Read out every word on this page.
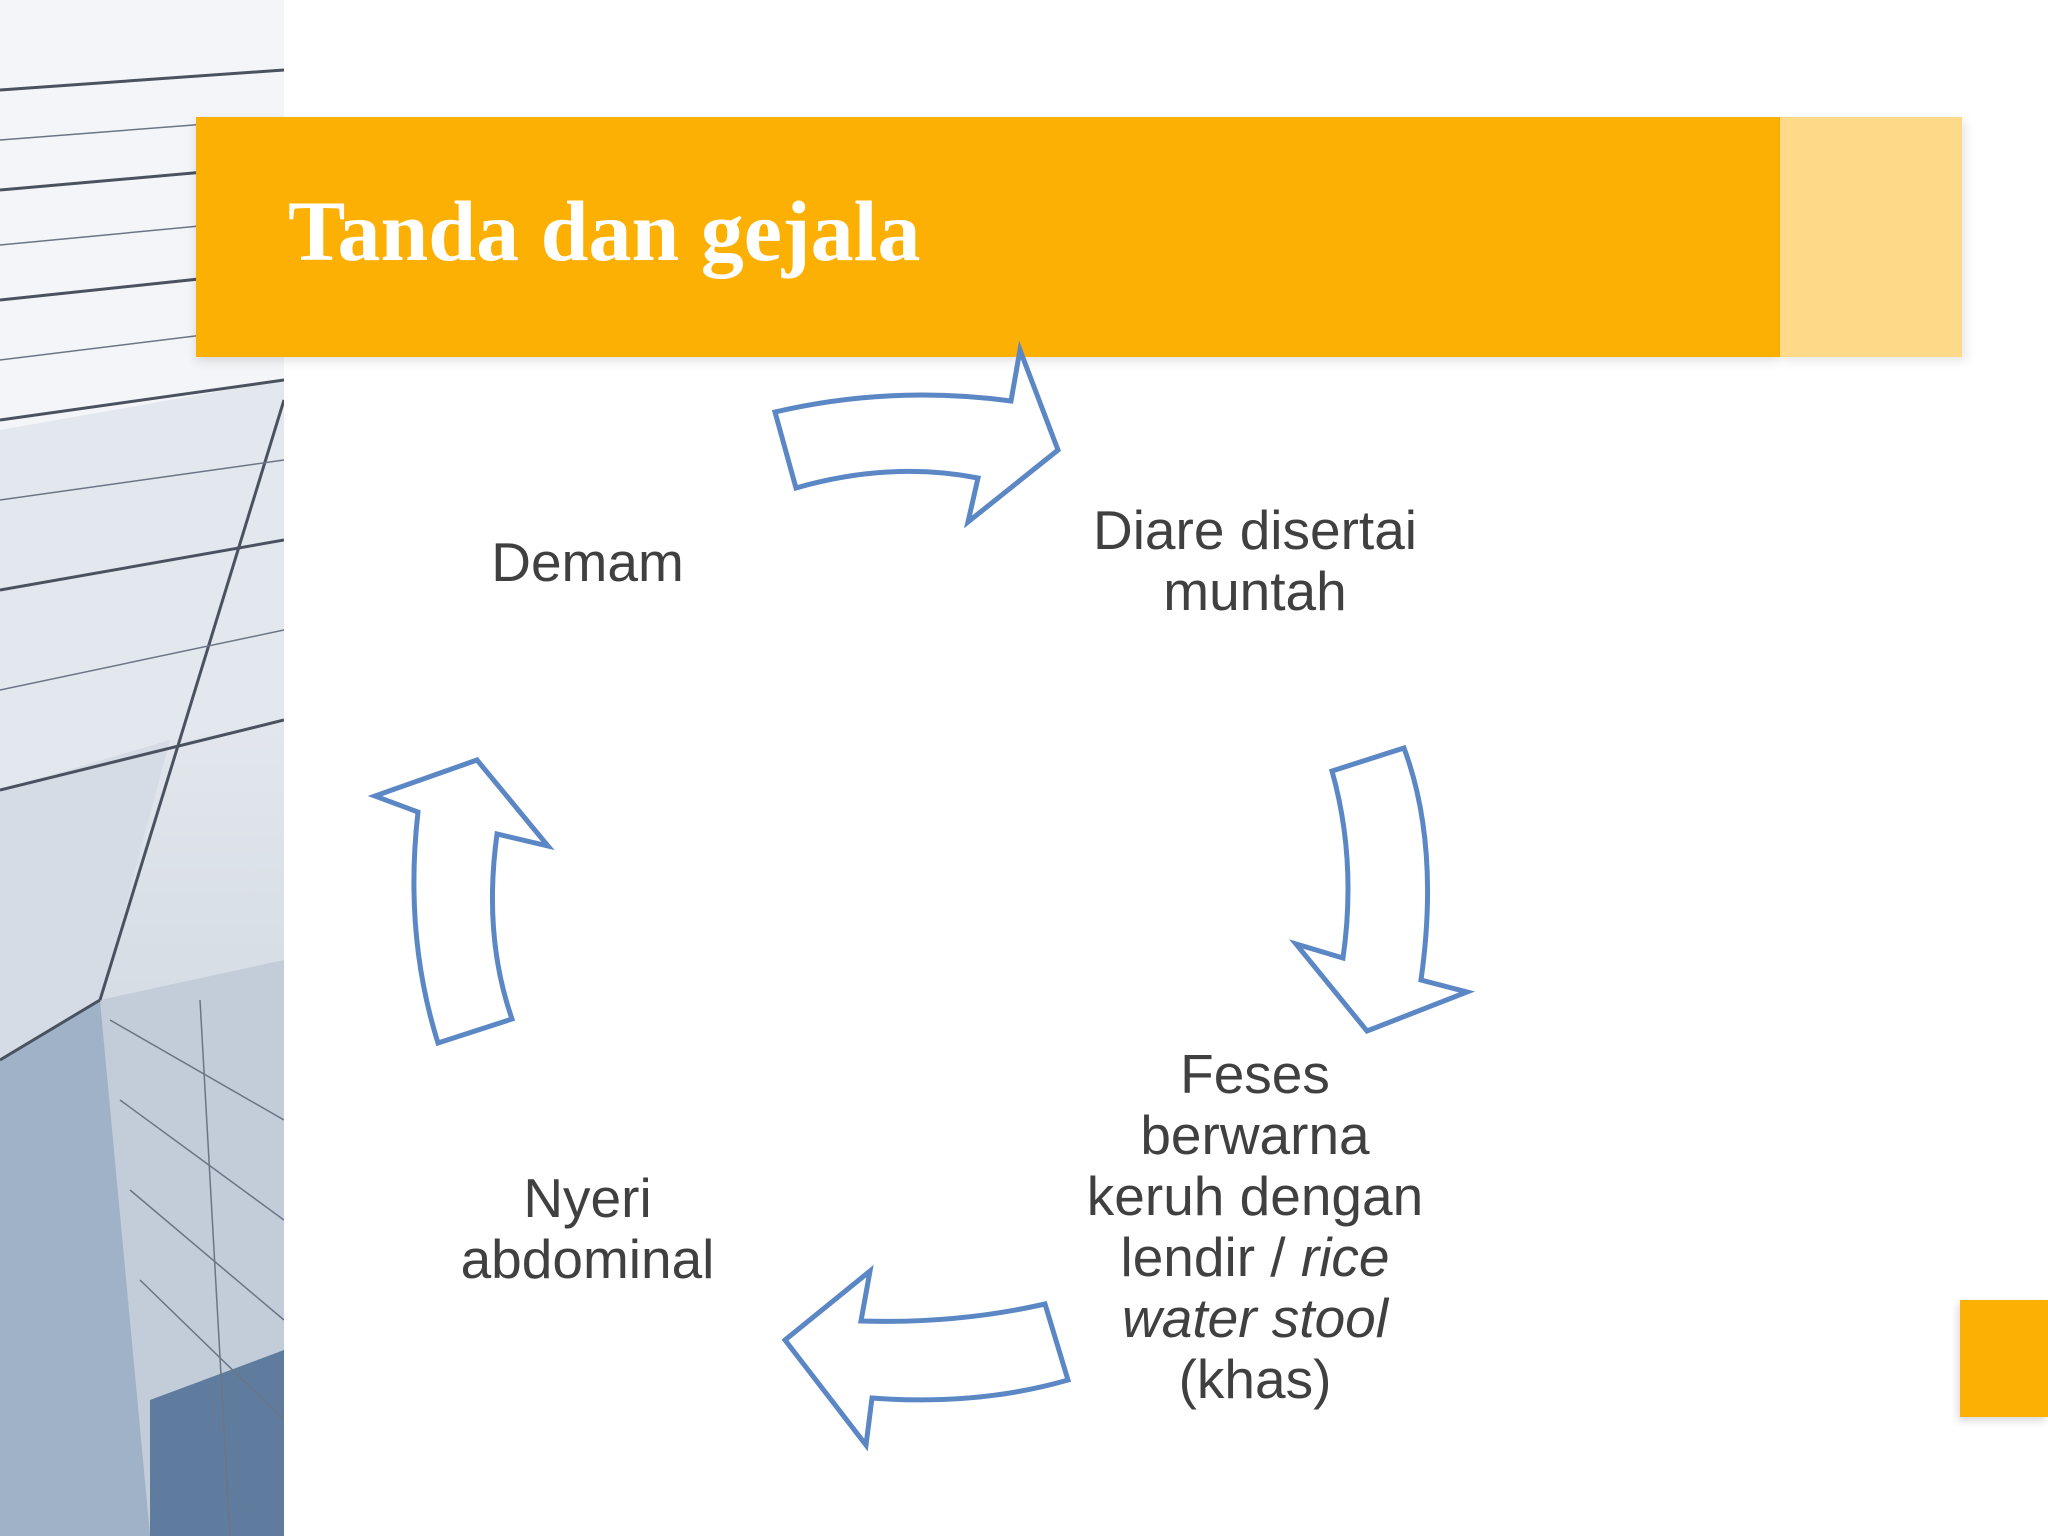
Tanda dan gejala
Demam
Diare disertai
muntah
Feses
berwarna
keruh dengan
lendir / rice
water stool
(khas)
Nyeri
abdominal
